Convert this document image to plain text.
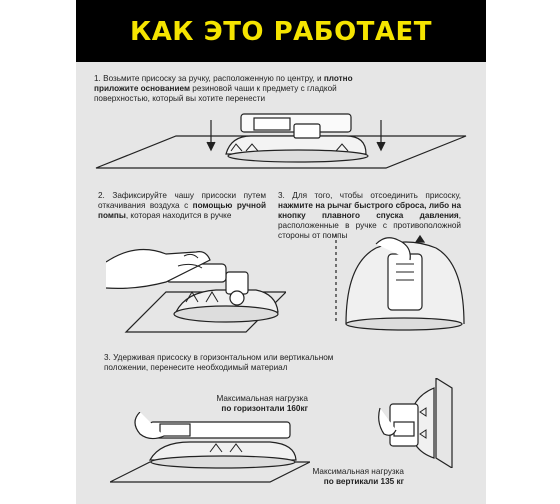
КАК ЭТО РАБОТАЕТ
1. Возьмите присоску за ручку, расположенную по центру, и плотно приложите основанием резиновой чаши к предмету с гладкой поверхностью, который вы хотите перенести
2. Зафиксируйте чашу присоски путем откачивания воздуха с помощью ручной помпы, которая находится в ручке
3. Для того, чтобы отсоединить присоску, нажмите на рычаг быстрого сброса, либо на кнопку плавного спуска давления, расположенные в ручке с противоположной стороны от помпы
3. Удерживая присоску в горизонтальном или вертикальном положении, перенесите необходимый материал
Максимальная нагрузка
по горизонтали 160кг
Максимальная нагрузка
по вертикали 135 кг
